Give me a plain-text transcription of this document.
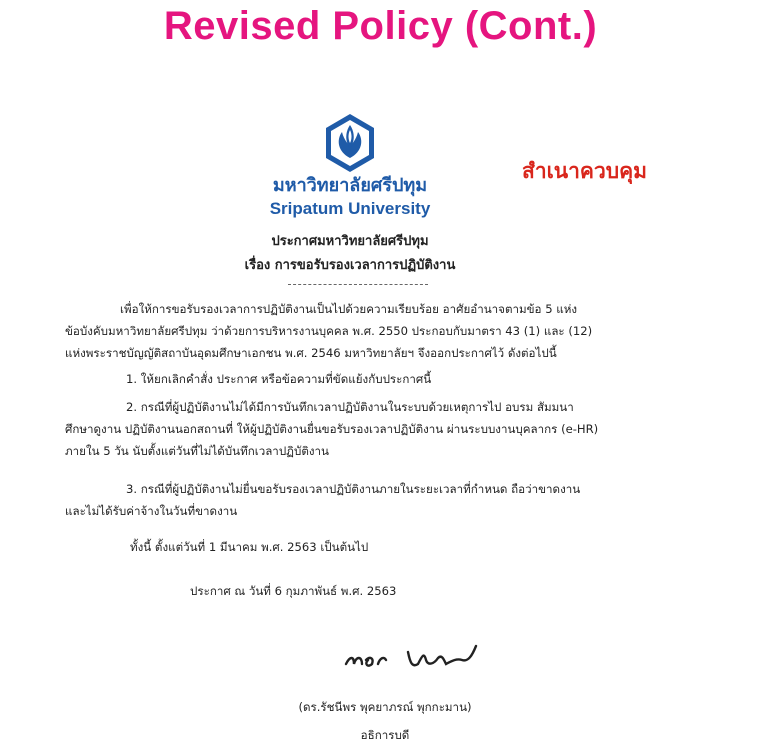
Revised Policy (Cont.)
มหาวิทยาลัยศรีปทุม
Sripatum University
สำเนาควบคุม
ประกาศมหาวิทยาลัยศรีปทุม
เรื่อง การขอรับรองเวลาการปฏิบัติงาน
เพื่อให้การขอรับรองเวลาการปฏิบัติงานเป็นไปด้วยความเรียบร้อย อาศัยอำนาจตามข้อ 5 แห่ง
ข้อบังคับมหาวิทยาลัยศรีปทุม ว่าด้วยการบริหารงานบุคคล พ.ศ. 2550 ประกอบกับมาตรา 43 (1) และ (12)
แห่งพระราชบัญญัติสถาบันอุดมศึกษาเอกชน พ.ศ. 2546 มหาวิทยาลัยฯ จึงออกประกาศไว้ ดังต่อไปนี้
1. ให้ยกเลิกคำสั่ง ประกาศ หรือข้อความที่ขัดแย้งกับประกาศนี้
2. กรณีที่ผู้ปฏิบัติงานไม่ได้มีการบันทึกเวลาปฏิบัติงานในระบบด้วยเหตุการไป อบรม สัมมนา
ศึกษาดูงาน ปฏิบัติงานนอกสถานที่ ให้ผู้ปฏิบัติงานยื่นขอรับรองเวลาปฏิบัติงาน ผ่านระบบงานบุคลากร (e-HR)
ภายใน 5 วัน นับตั้งแต่วันที่ไม่ได้บันทึกเวลาปฏิบัติงาน
3. กรณีที่ผู้ปฏิบัติงานไม่ยื่นขอรับรองเวลาปฏิบัติงานภายในระยะเวลาที่กำหนด ถือว่าขาดงาน
และไม่ได้รับค่าจ้างในวันที่ขาดงาน
ทั้งนี้ ตั้งแต่วันที่ 1 มีนาคม พ.ศ. 2563 เป็นต้นไป
ประกาศ ณ วันที่ 6 กุมภาพันธ์ พ.ศ. 2563
(ดร.รัชนีพร พุคยาภรณ์ พุกกะมาน)
อธิการบดี
